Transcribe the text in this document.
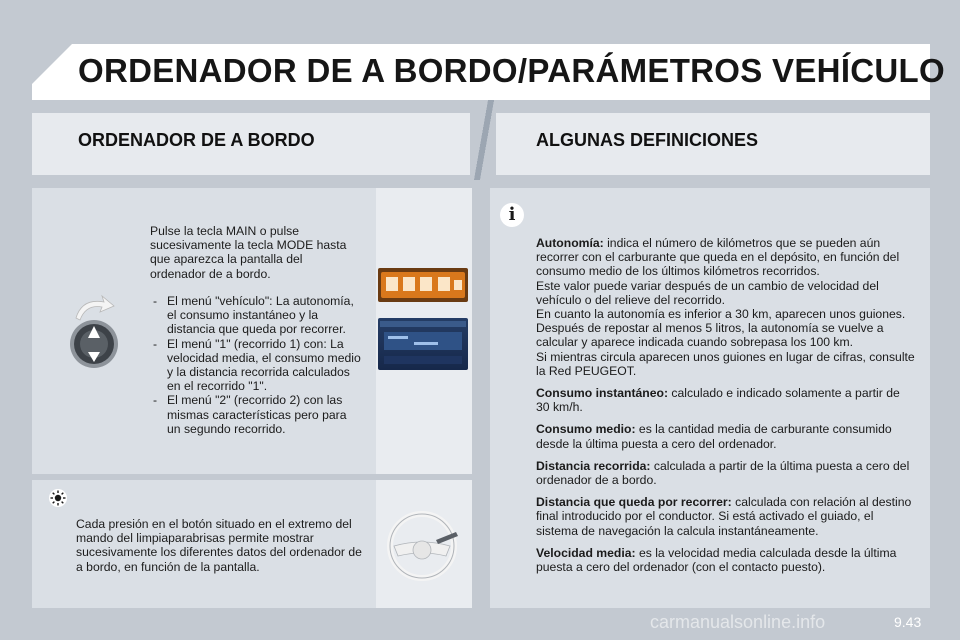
ORDENADOR DE A BORDO/PARÁMETROS VEHÍCULO
ORDENADOR DE A BORDO	ALGUNAS DEFINICIONES
Pulse la tecla MAIN o pulse sucesivamente la tecla MODE hasta que aparezca la pantalla del ordenador de a bordo.
- El menú "vehículo": La autonomía, el consumo instantáneo y la distancia que queda por recorrer.
- El menú "1" (recorrido 1) con: La velocidad media, el consumo medio y la distancia recorrida calculados en el recorrido "1".
- El menú "2" (recorrido 2) con las mismas características pero para un segundo recorrido.
Cada presión en el botón situado en el extremo del mando del limpiaparabrisas permite mostrar sucesivamente los diferentes datos del ordenador de a bordo, en función de la pantalla.
i

Autonomía: indica el número de kilómetros que se pueden aún recorrer con el carburante que queda en el depósito, en función del consumo medio de los últimos kilómetros recorridos.
Este valor puede variar después de un cambio de velocidad del vehículo o del relieve del recorrido.
En cuanto la autonomía es inferior a 30 km, aparecen unos guiones. Después de repostar al menos 5 litros, la autonomía se vuelve a calcular y aparece indicada cuando sobrepasa los 100 km.
Si mientras circula aparecen unos guiones en lugar de cifras, consulte la Red PEUGEOT.

Consumo instantáneo: calculado e indicado solamente a partir de 30 km/h.

Consumo medio: es la cantidad media de carburante consumido desde la última puesta a cero del ordenador.

Distancia recorrida: calculada a partir de la última puesta a cero del ordenador de a bordo.

Distancia que queda por recorrer: calculada con relación al destino final introducido por el conductor. Si está activado el guiado, el sistema de navegación la calcula instantáneamente.

Velocidad media: es la velocidad media calculada desde la última puesta a cero del ordenador (con el contacto puesto).

carmanualsonline.info	9.43
